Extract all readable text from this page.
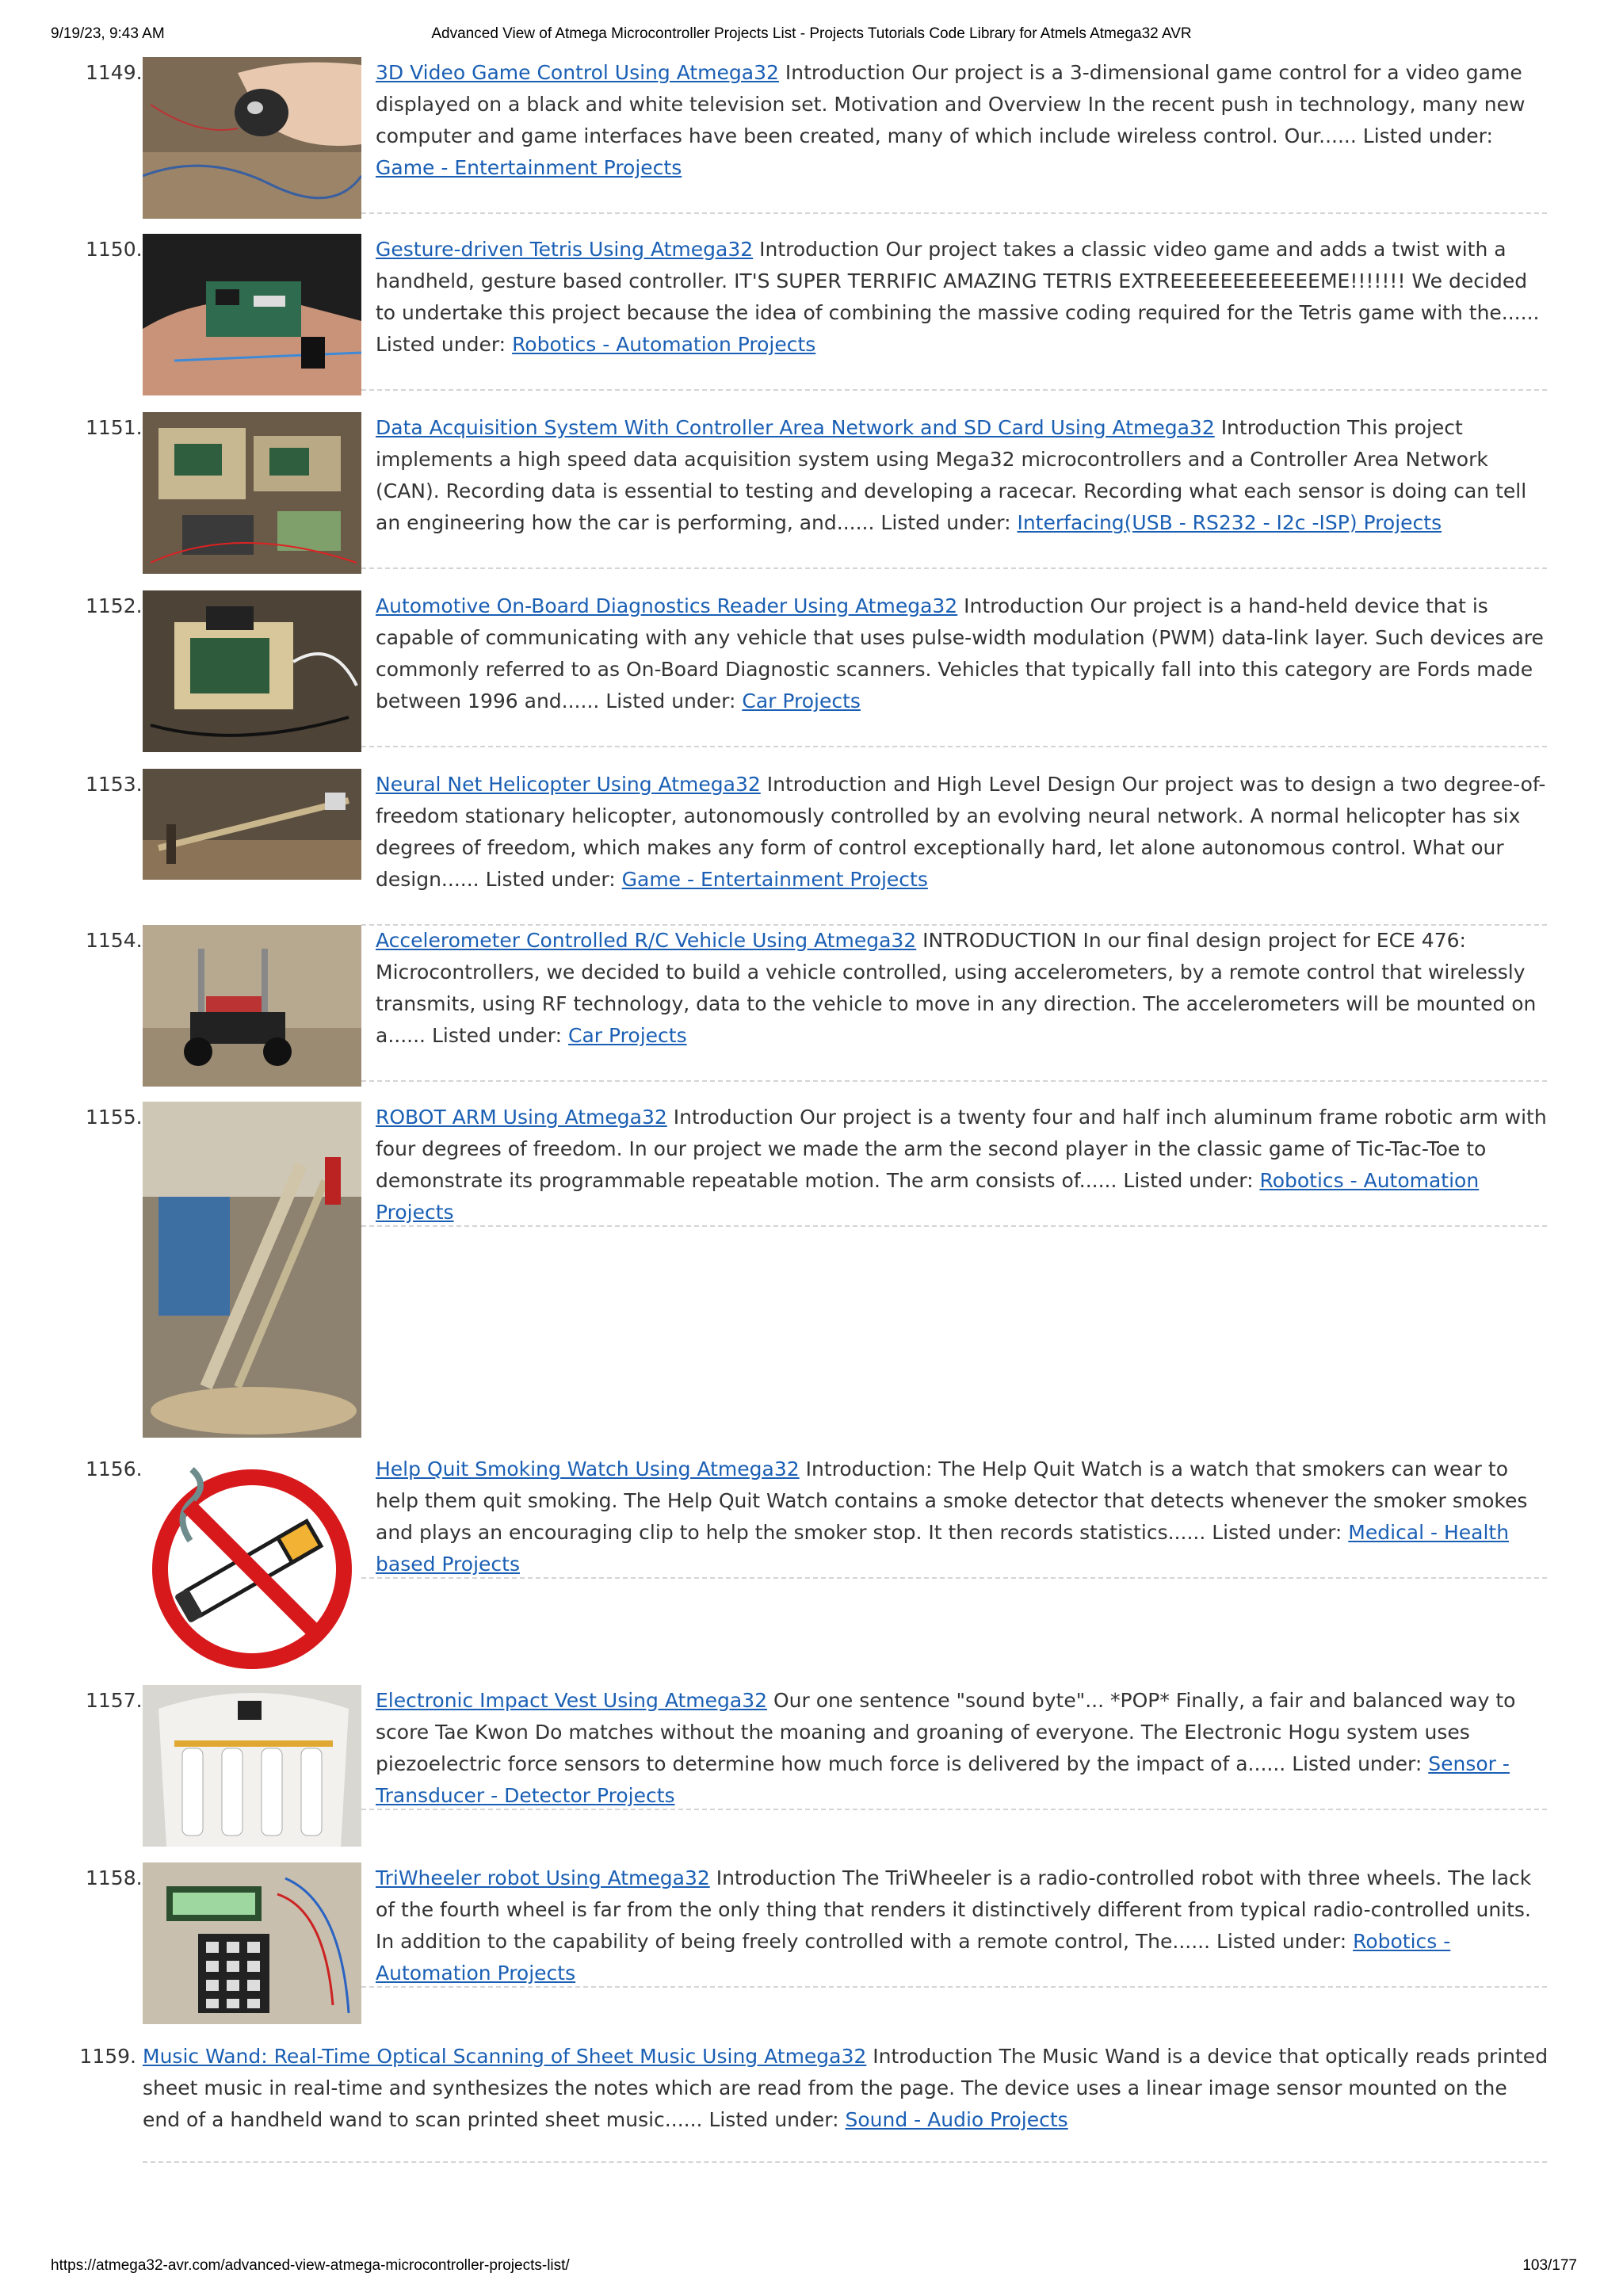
9/19/23, 9:43 AM	Advanced View of Atmega Microcontroller Projects List - Projects Tutorials Code Library for Atmels Atmega32 AVR
1149.	3D Video Game Control Using Atmega32 Introduction Our project is a 3-dimensional game control for a video game displayed on a black and white television set. Motivation and Overview In the recent push in technology, many new computer and game interfaces have been created, many of which include wireless control. Our...... Listed under: Game - Entertainment Projects
1150.	Gesture-driven Tetris Using Atmega32 Introduction Our project takes a classic video game and adds a twist with a handheld, gesture based controller. IT'S SUPER TERRIFIC AMAZING TETRIS EXTREEEEEEEEEEEEME!!!!!!! We decided to undertake this project because the idea of combining the massive coding required for the Tetris game with the...... Listed under: Robotics - Automation Projects
1151.	Data Acquisition System With Controller Area Network and SD Card Using Atmega32 Introduction This project implements a high speed data acquisition system using Mega32 microcontrollers and a Controller Area Network (CAN). Recording data is essential to testing and developing a racecar. Recording what each sensor is doing can tell an engineering how the car is performing, and...... Listed under: Interfacing(USB - RS232 - I2c -ISP) Projects
1152.	Automotive On-Board Diagnostics Reader Using Atmega32 Introduction Our project is a hand-held device that is capable of communicating with any vehicle that uses pulse-width modulation (PWM) data-link layer. Such devices are commonly referred to as On-Board Diagnostic scanners. Vehicles that typically fall into this category are Fords made between 1996 and...... Listed under: Car Projects
1153.	Neural Net Helicopter Using Atmega32 Introduction and High Level Design Our project was to design a two degree-of-freedom stationary helicopter, autonomously controlled by an evolving neural network. A normal helicopter has six degrees of freedom, which makes any form of control exceptionally hard, let alone autonomous control. What our design...... Listed under: Game - Entertainment Projects
1154.	Accelerometer Controlled R/C Vehicle Using Atmega32 INTRODUCTION In our final design project for ECE 476: Microcontrollers, we decided to build a vehicle controlled, using accelerometers, by a remote control that wirelessly transmits, using RF technology, data to the vehicle to move in any direction. The accelerometers will be mounted on a...... Listed under: Car Projects
1155.	ROBOT ARM Using Atmega32 Introduction Our project is a twenty four and half inch aluminum frame robotic arm with four degrees of freedom. In our project we made the arm the second player in the classic game of Tic-Tac-Toe to demonstrate its programmable repeatable motion. The arm consists of...... Listed under: Robotics - Automation Projects
1156.	Help Quit Smoking Watch Using Atmega32 Introduction: The Help Quit Watch is a watch that smokers can wear to help them quit smoking. The Help Quit Watch contains a smoke detector that detects whenever the smoker smokes and plays an encouraging clip to help the smoker stop. It then records statistics...... Listed under: Medical - Health based Projects
1157.	Electronic Impact Vest Using Atmega32 Our one sentence "sound byte"... *POP* Finally, a fair and balanced way to score Tae Kwon Do matches without the moaning and groaning of everyone. The Electronic Hogu system uses piezoelectric force sensors to determine how much force is delivered by the impact of a...... Listed under: Sensor - Transducer - Detector Projects
1158.	TriWheeler robot Using Atmega32 Introduction The TriWheeler is a radio-controlled robot with three wheels. The lack of the fourth wheel is far from the only thing that renders it distinctively different from typical radio-controlled units. In addition to the capability of being freely controlled with a remote control, The...... Listed under: Robotics - Automation Projects
1159. Music Wand: Real-Time Optical Scanning of Sheet Music Using Atmega32 Introduction The Music Wand is a device that optically reads printed sheet music in real-time and synthesizes the notes which are read from the page. The device uses a linear image sensor mounted on the end of a handheld wand to scan printed sheet music...... Listed under: Sound - Audio Projects
https://atmega32-avr.com/advanced-view-atmega-microcontroller-projects-list/	103/177
